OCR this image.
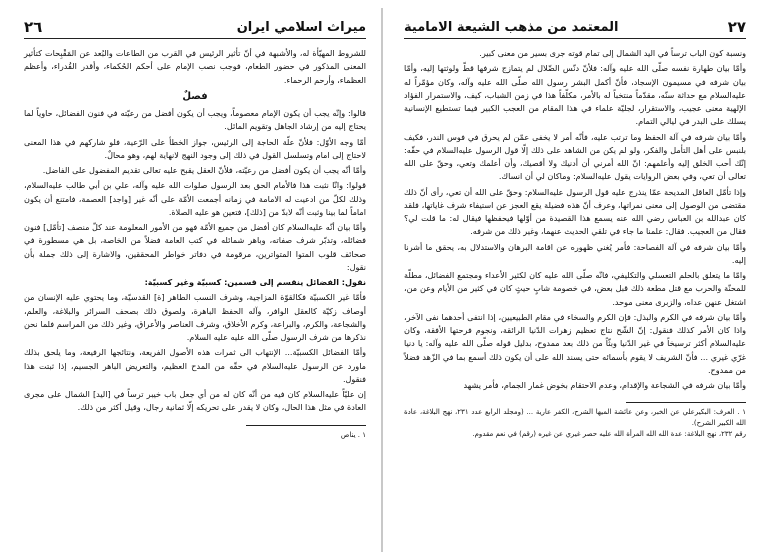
ميراث اسلامي ايران
٢٦

للشروط المهيّأة له، والأشبهة في أنّ تأثير الرئيس في القرب من الطاعات والبُعد عن المَقْبِحات كتأثير المعنى المذكور في حضور الطعام، فوجب نصب الإمام على أحكم الحُكماء، وأقدر القُدراء، وأعظم العظماء، وأرحم الرحماء.

فصلٌ

قالوا: وإنّه يجب أن يكون الإمام معصوماً، ويجب أن يكون أفضل من رعيّته في فنون الفضائل، حاوياً لما يحتاج إليه من إرشاد الجاهل وتقويم المائل.

أمّا وجه الأوّل: فلأنّ علّة الحاجة إلى الرئيس، جواز الخطأ على الرّعية، فلو شاركهم في هذا المعنى لاحتاج إلى امام وتسلسل القول في ذلك إلى وجود النهج لانهاية لهم، وهو محالٌ.

وأمّا أنّه يجب أن يكون أفضل من رعيّته، فلأنّ العقل يقبح عليه تعالى تقديم المفضول على الفاضل.

قولوا: وانّا نثبت هذا فالأمام الحق بعد الرسول صلوات الله عليه وآله، علي بن أبي طالب عليه‌السلام، وذلك لكلّ من ادعيت له الامامة في زمانه أجمعت الأمّة على أنّه غير [واجد] العصمة، فامتنع أن يكون اماماً لما بينا وثبت أنّه لابدّ من [ذلك]، فتعين هو عليه الصلاة.

وأمّا بيان أنّه عليه‌السلام كان أفضل من جميع الأمّة فهو من الأمور المعلومة عند كلّ منصف [تأمّل] فنون فضائله، وتدبّر شرف صفاته، وباهر شمائله في كتب العامة فضلاً من الخاصة، بل هي مسطورة في صحائف قلوب المتوا المتواترين، مرقومة في دفاتر خواطر المحققين، والاشارة إلى ذلك جملة بأن نقول:

نقول: الفضائل ينقسم إلى قسمين: كسبيّة وغير كسبيّة:

فأمّا غير الكسبيّة فكالقوّة المزاجية، وشرف النسب الطاهر [ة] القدسيّة، وما يحتوي عليه الإنسان من أوصاف زكيّة كالعقل الوافر، وآله الحفظ الباهرة، ولصوق ذلك بصحف السرائر والبلاغة، والعلم، والشجاعة، والكرم، والبراعة، وكرم الأخلاق، وشرف العناصر والأعراق، وغير ذلك من المراسم فلما نحن نذكرها من شرف الرسول صلّى الله عليه عليه السلام.

وأمّا الفضائل الكسبيّة... الإنتهاب الى ثمرات هذه الأصول الفريعة، ونتائجها الرفيعة، وما يلحق بذلك ماورد عن الرسول عليه‌السلام في حقّه من المدح العظيم، والتعريض الباهر الجسيم، إذا ثبتت هذا فنقول.

إن عليّاً عليه‌السلام كان فيه من أنّه كان له من أي جعل باب خيبر ترساً في [اليد] الشمال على مجرى العادة في مثل هذا الحال، وكان لا يقدر على تحريكه إلّا ثمانية رجال، وقيل أكثر من ذلك.

١ . يناص
٢٧
المعتمد من مذهب الشيعة الامامية

ونسبة كون الباب ترساً في اليد الشمال إلى تمام قوته جرى بسير من معنى كبير.

وأمّا بيان طهارة نفسه صلّى الله عليه وآله: فلأنّ دنّس الضّلال لم يتمازج شرفها قطّ ولوثتها إليه، وأمّا بيان شرفه في مسيمون الإسجاد، فأنّ أكمل البشر رسول الله صلّى الله عليه وآله، وكان مؤمّراً له عليه‌السلام مع حداثة سنّه، مقدّماً منتخباً له بالأمر، مكلّفاً هذا في زمن الشباب، كيف، والاستمرار الفؤاد الإلهية معنى عجيب، والاستقرار، لجليّة علماء في هذا المقام من العجب الكبير فيما تستطيع الإنسانية يسلك على البدر في ليالي التمام.

وأمّا بيان شرفه في آلة الحفظ وما ترتب عليه، فأنّه أمر لا يخفى عمّن لم يحرق في فوس الندر، فكيف بلنبس على أهل التأمل والفكر، ولو لم يكن من الشاهد على ذلك إلّا قول الرسول عليه‌السلام في حقّه: إنّك أحب الخلق إليه وأعلمهم: انّ الله أمرني أن أدنيك ولا أقصيك، وأن أعلمك وتعي، وحقّ على الله تعالى أن تعي، وفي بعض الروايات يقول عليه‌السلام: وماكان لي أن انساك.

وإذا تأمّل العاقل المديحة عمّا ينذرج عليه قول الرسول عليه‌السلام: وحقّ على الله أن تعي، رأى أنّ ذلك مقتضى من الوصول إلى معنى نمراتها، وعرف أنّ هذه فضيلة يقع العجز عن استيفاء شرف غاياتها، فلقد كان عبدالله بن العباس رضي الله عنه يسمع هذا القصيدة من أوّلها فيحفظها فيقال له: ما قلت لي؟ فقال من العجيب. فقال: علمنا ما جاء في تلقي الحديث عنهما، وغير ذلك من شرفه.

وأمّا بيان شرفه في آلة الفصاحة: فأمر يُغني ظهوره عن اقامة البرهان والاستدلال به، يحقق ما أشرنا إليه.

وامّا ما يتعلق بالحلم التعسلي والتكليفي، فانّه صلّى الله عليه كان لكثير الأعداء ومجتمع الفضائل، مطلّة للمحنّة والحرب مع قتل مطعة ذلك قبل بعض، في خصومة شابٍ حيثٍ كان في كثير من الأيام وعن من، اشتغل عنهن عداه، والزبرى معنى موحد.

وأمّا بيان شرفه في الكرم والبذل: فإن الكرم والسخاء في مقام الطبيعيين، إذا انتفى أحدهما نفى الآخر، واذا كان الأمر كذلك فنقول: إنّ الشّح نتاج تعظيم زهرات الدّنيا الرائقة، ونجوم فرحتها الأفقة، وكان عليه‌السلام أكثر ترسيخاً في غير الدّنيا وبثّاً من ذلك بعد ممدوح، بدليل قوله صلّى الله عليه وآله: يا دنيا غرّي غيري ... فأنّ الشريف لا يقوم بأسمائه حتى يسند الله على أن يكون ذلك أسمع بما في الزّهد فضلاً من ممدوح.

وأمّا بيان شرفه في الشجاعة والإقدام، وعدم الاحتقام بخوض غمار الجمام، فأمر يشهد

١ . العرف: البكيرعلي عن الخبر، وعن عائشة الميها الشرح، الكفر عارية ... (ومجلد الرابع عدد ٢٣١، نهج البلاغة، عادة الله الكبير الشرح).
رقم ٢٣٢، نهج البلاغة: عدة الله الله المرأة الله عليه حصر غيري عن غيره (رقم) في نعم مقدوم.
